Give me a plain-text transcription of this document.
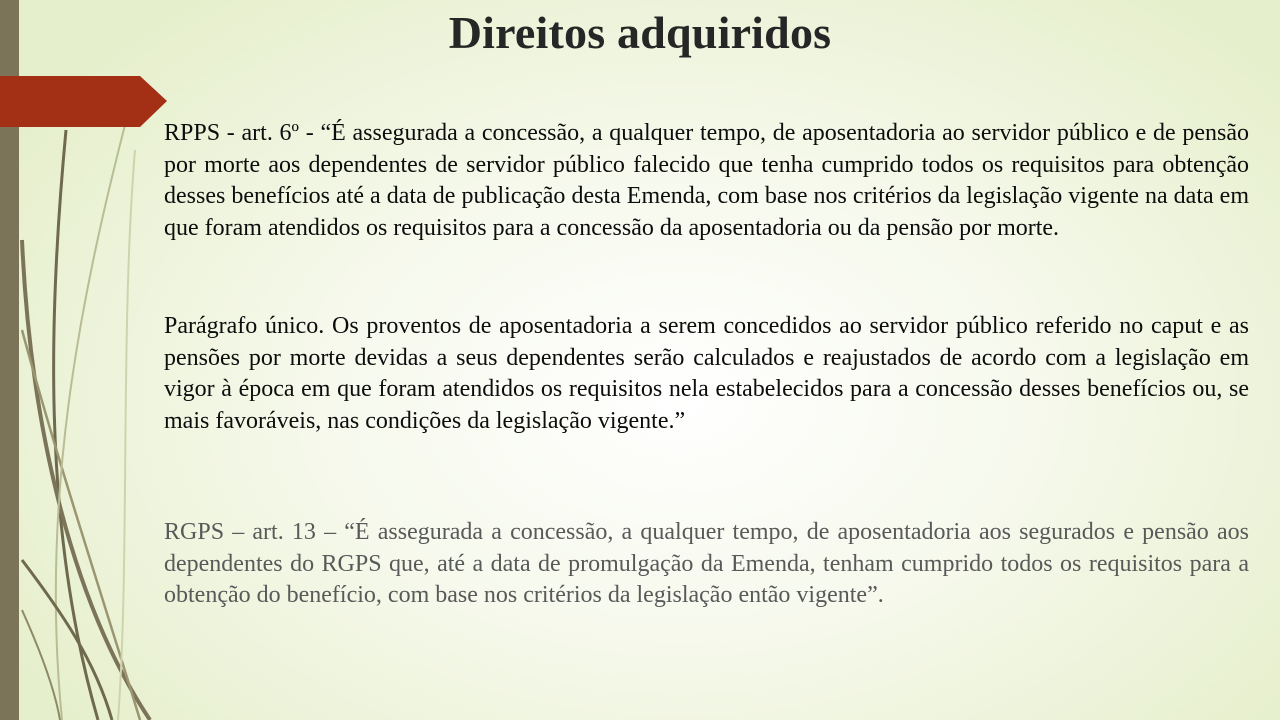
Direitos adquiridos

RPPS - art. 6º - “É assegurada a concessão, a qualquer tempo, de aposentadoria ao servidor público e de pensão por morte aos dependentes de servidor público falecido que tenha cumprido todos os requisitos para obtenção desses benefícios até a data de publicação desta Emenda, com base nos critérios da legislação vigente na data em que foram atendidos os requisitos para a concessão da aposentadoria ou da pensão por morte.

Parágrafo único. Os proventos de aposentadoria a serem concedidos ao servidor público referido no caput e as pensões por morte devidas a seus dependentes serão calculados e reajustados de acordo com a legislação em vigor à época em que foram atendidos os requisitos nela estabelecidos para a concessão desses benefícios ou, se mais favoráveis, nas condições da legislação vigente.”

RGPS – art. 13 – “É assegurada a concessão, a qualquer tempo, de aposentadoria aos segurados e pensão aos dependentes do RGPS que, até a data de promulgação da Emenda, tenham cumprido todos os requisitos para a obtenção do benefício, com base nos critérios da legislação então vigente”.
